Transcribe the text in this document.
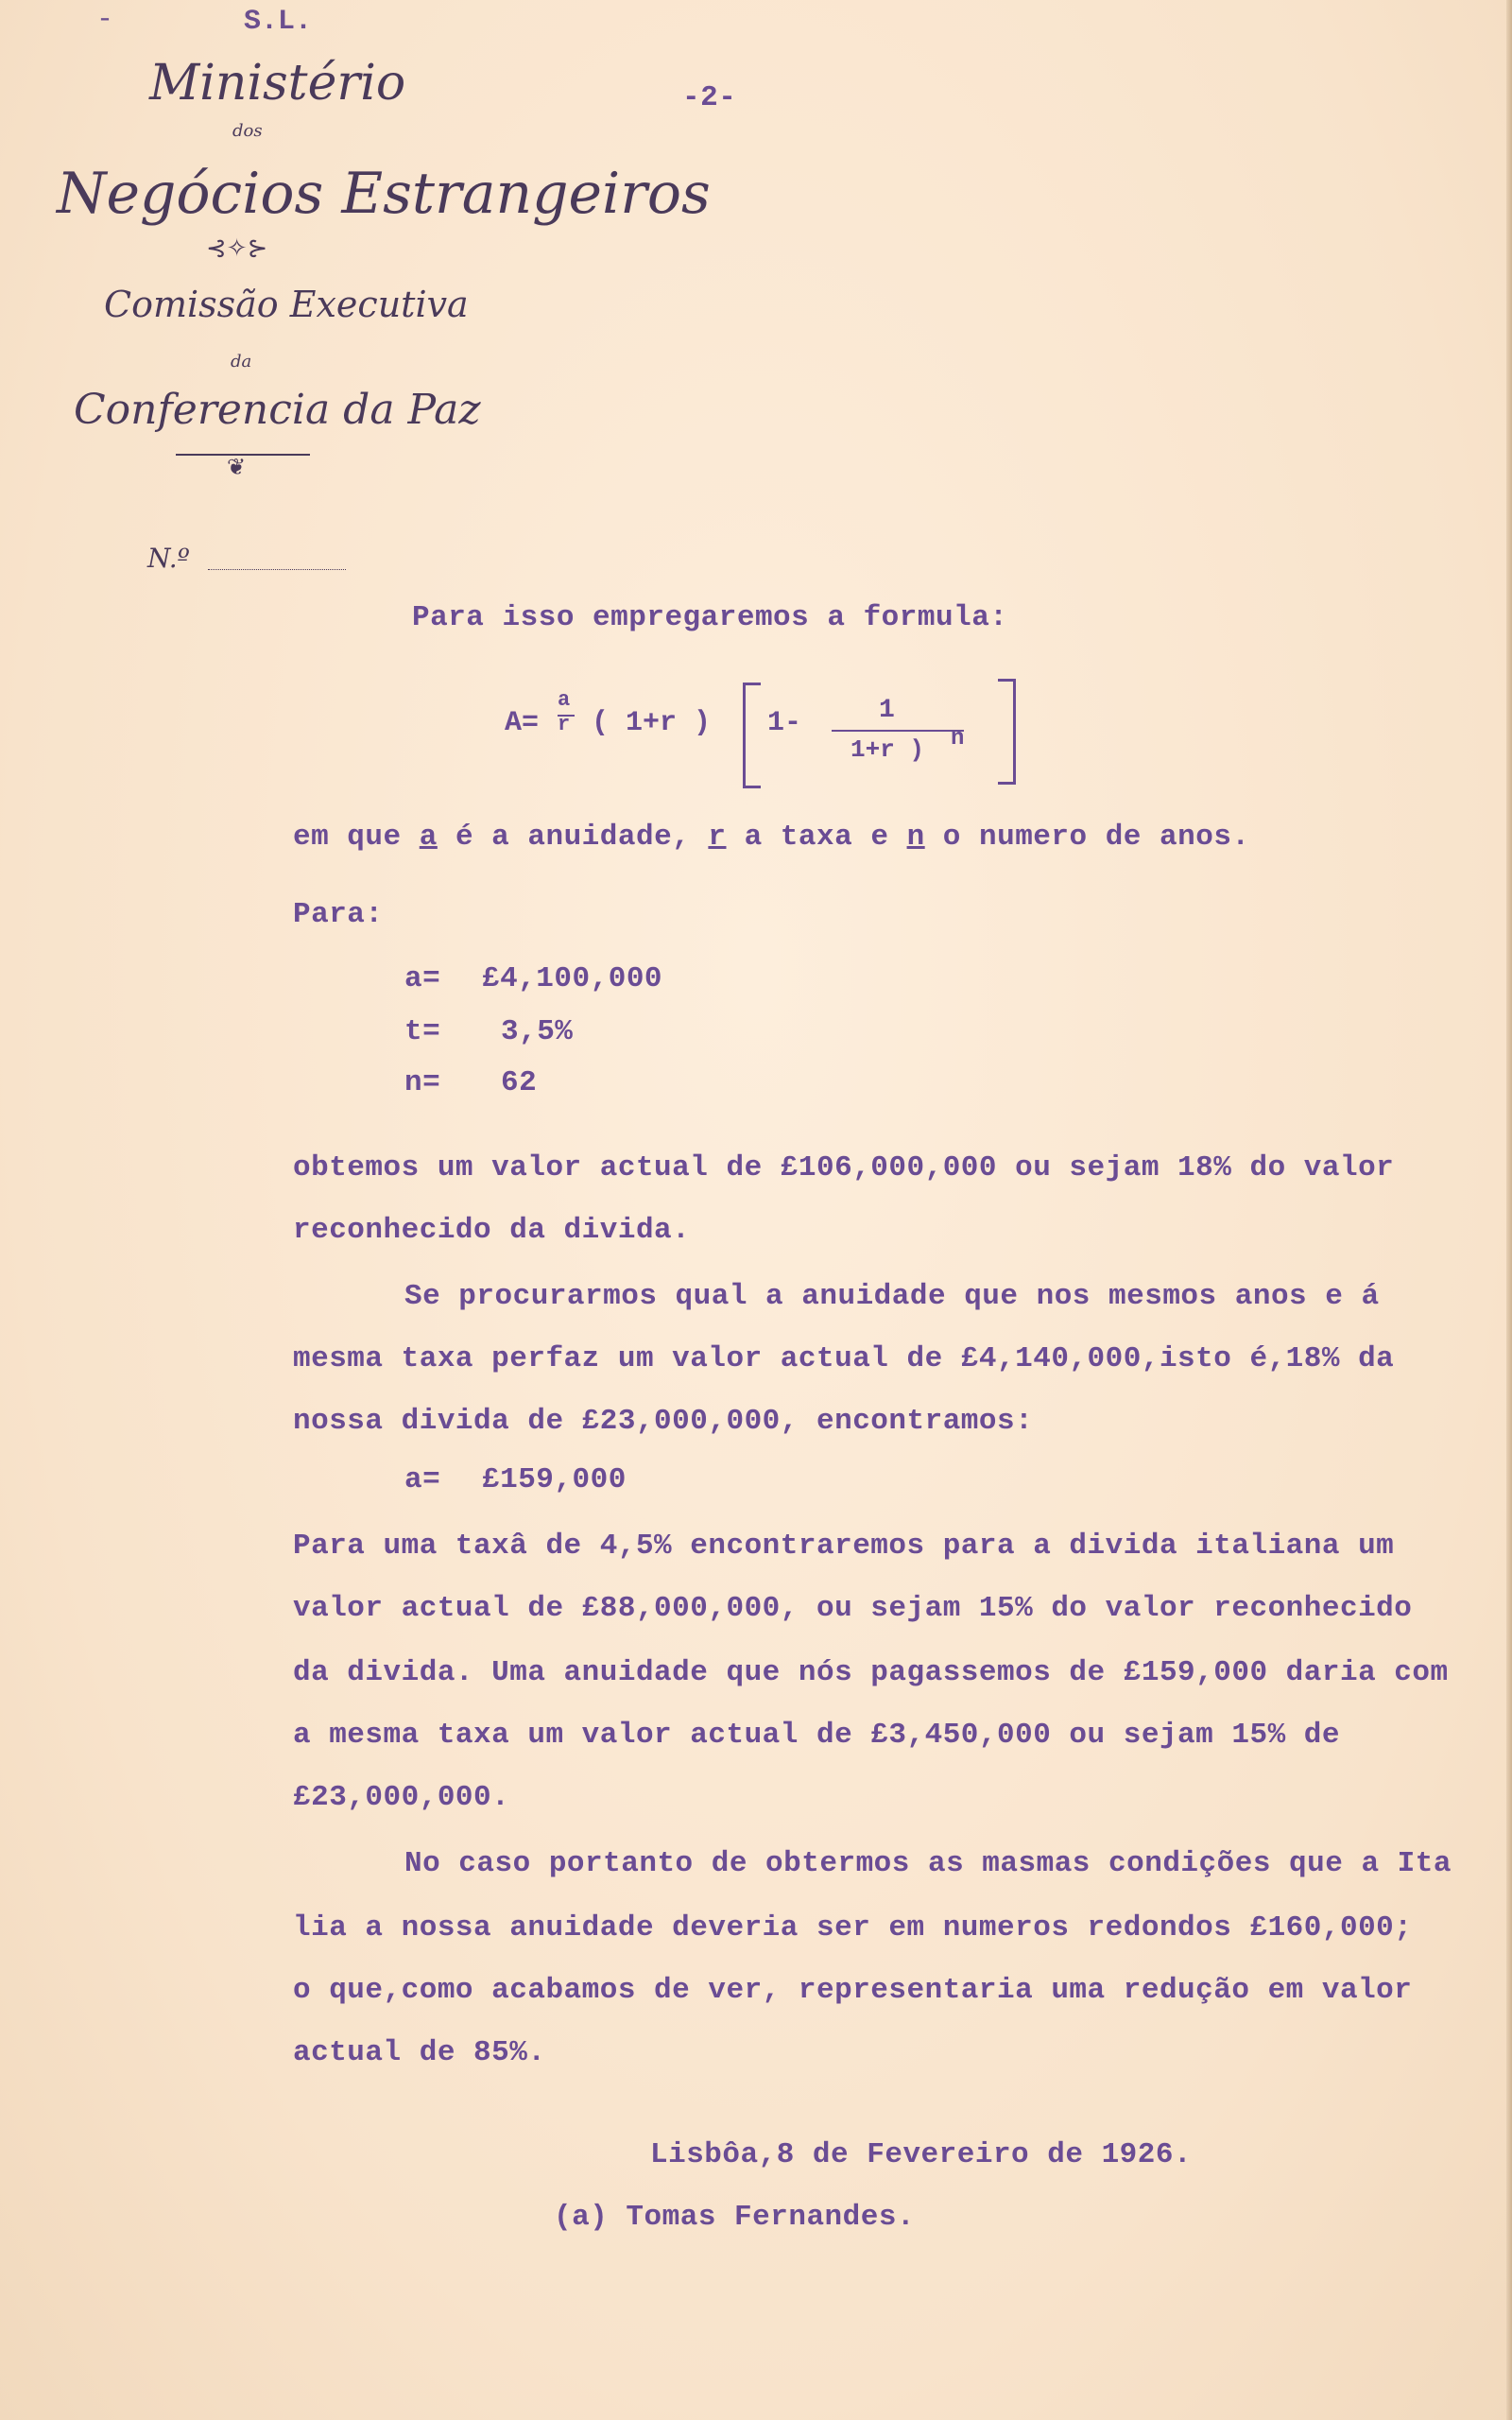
-	S.L.
Ministério
dos
Negócios Estrangeiros
⊰✧⊱
Comissão Executiva
da
Conferencia da Paz
❦
N.º
-2-
Para isso empregaremos a formula:
A=
a
r ( 1+r ) 1-	1
1+r ) n
em que a é a anuidade, r a taxa e n o numero de anos.
Para:
a= £4,100,000
t= 3,5%
n= 62
obtemos um valor actual de £106,000,000 ou sejam 18% do valor
reconhecido da divida.
Se procurarmos qual a anuidade que nos mesmos anos e á
mesma taxa perfaz um valor actual de £4,140,000,isto é,18% da
nossa divida de £23,000,000, encontramos:
a= £159,000
Para uma taxâ de 4,5% encontraremos para a divida italiana um
valor actual de £88,000,000, ou sejam 15% do valor reconhecido
da divida. Uma anuidade que nós pagassemos de £159,000 daria com
a mesma taxa um valor actual de £3,450,000 ou sejam 15% de
£23,000,000.
No caso portanto de obtermos as masmas condições que a Ita
lia a nossa anuidade deveria ser em numeros redondos £160,000;
o que,como acabamos de ver, representaria uma redução em valor
actual de 85%.
Lisbôa,8 de Fevereiro de 1926.
(a) Tomas Fernandes.
